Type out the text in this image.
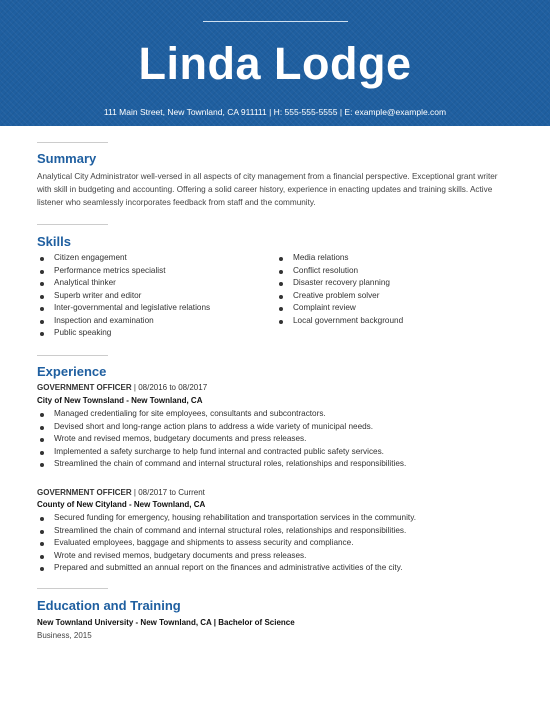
Linda Lodge
111 Main Street, New Townland, CA 911111 | H: 555-555-5555 | E: example@example.com
Summary
Analytical City Administrator well-versed in all aspects of city management from a financial perspective. Exceptional grant writer with skill in budgeting and accounting. Offering a solid career history, experience in enacting updates and training skills. Active listener who seamlessly incorporates feedback from staff and the community.
Skills
Citizen engagement
Performance metrics specialist
Analytical thinker
Superb writer and editor
Inter-governmental and legislative relations
Inspection and examination
Public speaking
Media relations
Conflict resolution
Disaster recovery planning
Creative problem solver
Complaint review
Local government background
Experience
GOVERNMENT OFFICER | 08/2016 to 08/2017
City of New Townsland - New Townland, CA
Managed credentialing for site employees, consultants and subcontractors.
Devised short and long-range action plans to address a wide variety of municipal needs.
Wrote and revised memos, budgetary documents and press releases.
Implemented a safety surcharge to help fund internal and contracted public safety services.
Streamlined the chain of command and internal structural roles, relationships and responsibilities.
GOVERNMENT OFFICER | 08/2017 to Current
County of New Cityland - New Townland, CA
Secured funding for emergency, housing rehabilitation and transportation services in the community.
Streamlined the chain of command and internal structural roles, relationships and responsibilities.
Evaluated employees, baggage and shipments to assess security and compliance.
Wrote and revised memos, budgetary documents and press releases.
Prepared and submitted an annual report on the finances and administrative activities of the city.
Education and Training
New Townland University - New Townland, CA | Bachelor of Science
Business, 2015
